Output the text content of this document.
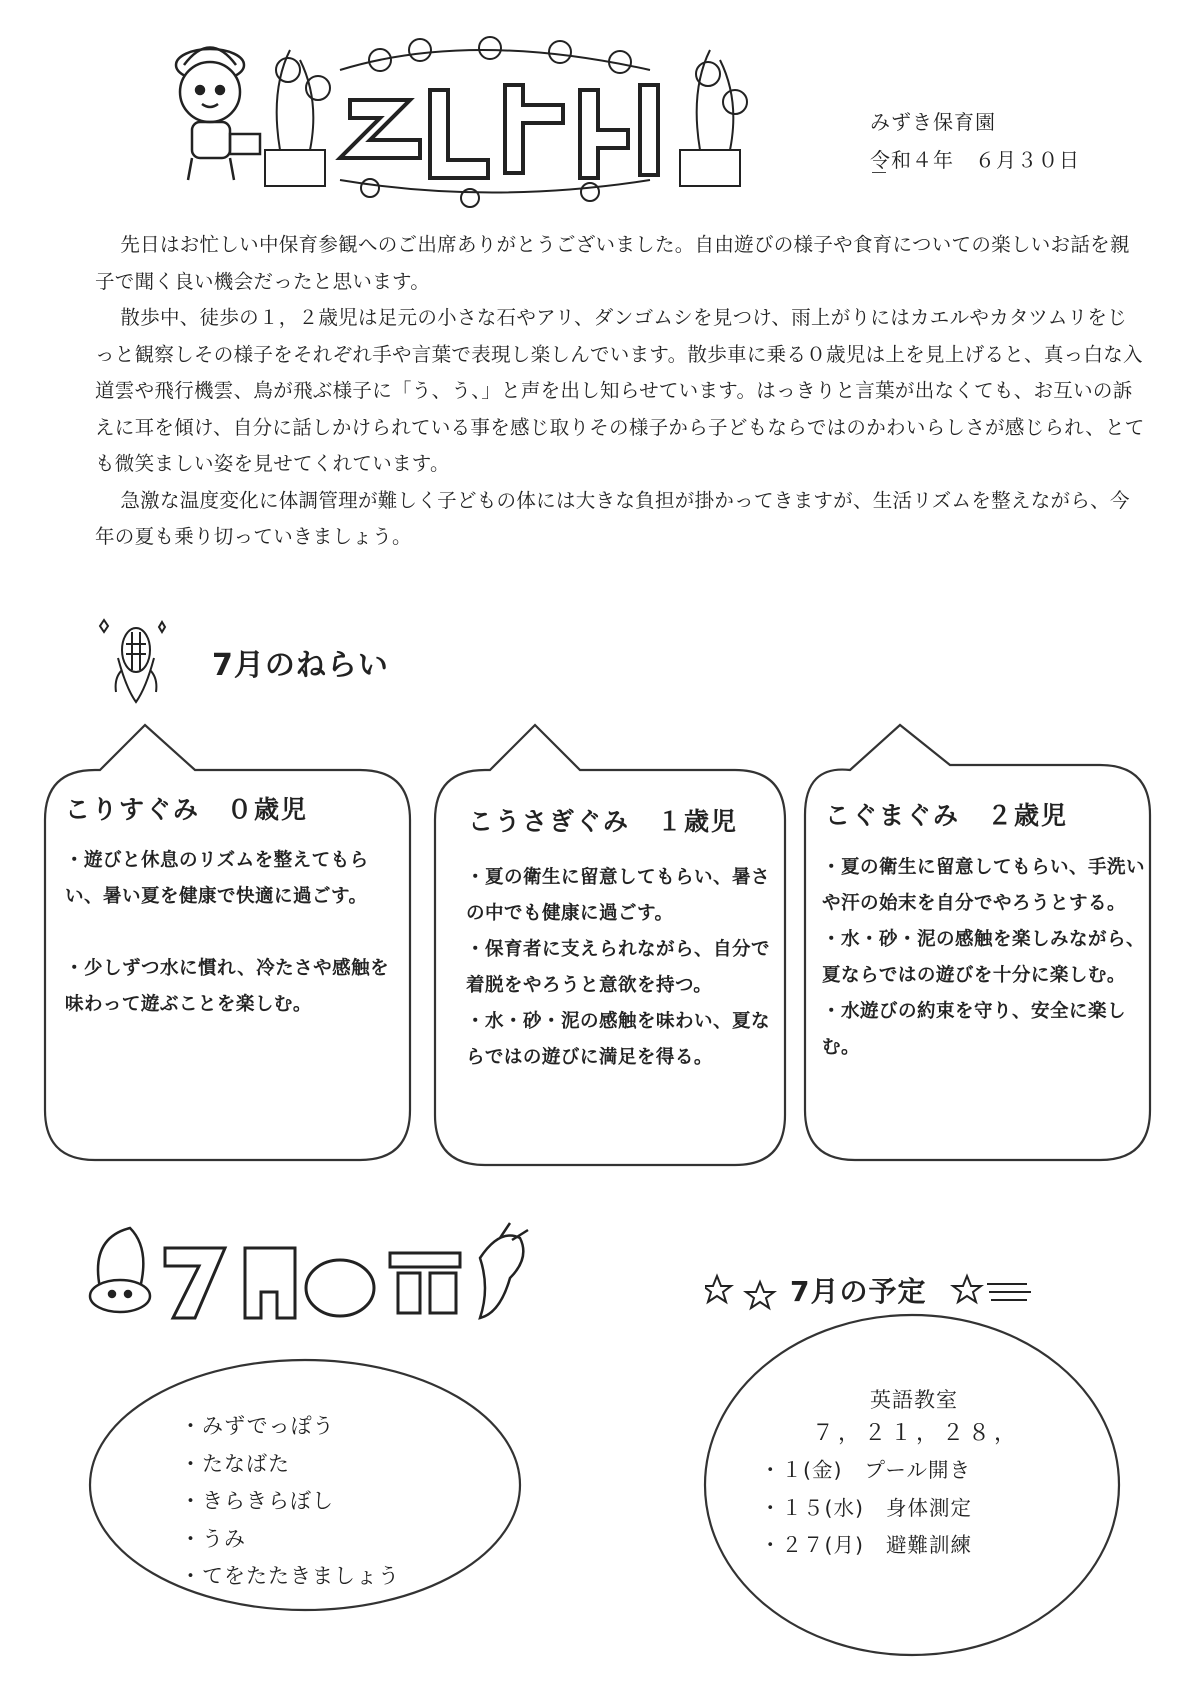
みずき保育園
令和４年　６月３０日

先日はお忙しい中保育参観へのご出席ありがとうございました。自由遊びの様子や食育についての楽しいお話を親子で聞く良い機会だったと思います。

散歩中、徒歩の１，２歳児は足元の小さな石やアリ、ダンゴムシを見つけ、雨上がりにはカエルやカタツムリをじっと観察しその様子をそれぞれ手や言葉で表現し楽しんでいます。散歩車に乗る０歳児は上を見上げると、真っ白な入道雲や飛行機雲、鳥が飛ぶ様子に「う、う、」と声を出し知らせています。はっきりと言葉が出なくても、お互いの訴えに耳を傾け、自分に話しかけられている事を感じ取りその様子から子どもならではのかわいらしさが感じられ、とても微笑ましい姿を見せてくれています。

急激な温度変化に体調管理が難しく子どもの体には大きな負担が掛かってきますが、生活リズムを整えながら、今年の夏も乗り切っていきましょう。

7月のねらい
こりすぐみ　０歳児

・遊びと休息のリズムを整えてもらい、暑い夏を健康で快適に過ごす。

・少しずつ水に慣れ、冷たさや感触を味わって遊ぶことを楽しむ。

こうさぎぐみ　１歳児

・夏の衛生に留意してもらい、暑さの中でも健康に過ごす。

・保育者に支えられながら、自分で着脱をやろうと意欲を持つ。

・水・砂・泥の感触を味わい、夏ならではの遊びに満足を得る。

こぐまぐみ　２歳児

・夏の衛生に留意してもらい、手洗いや汗の始末を自分でやろうとする。

・水・砂・泥の感触を楽しみながら、夏ならではの遊びを十分に楽しむ。

・水遊びの約束を守り、安全に楽しむ。

・みずでっぽう
・たなばた
・きらきらぼし
・うみ
・てをたたきましょう
7月の予定
英語教室
７，２１，２８，
・１(金) プール開き
・１５(水) 身体測定
・２７(月) 避難訓練
